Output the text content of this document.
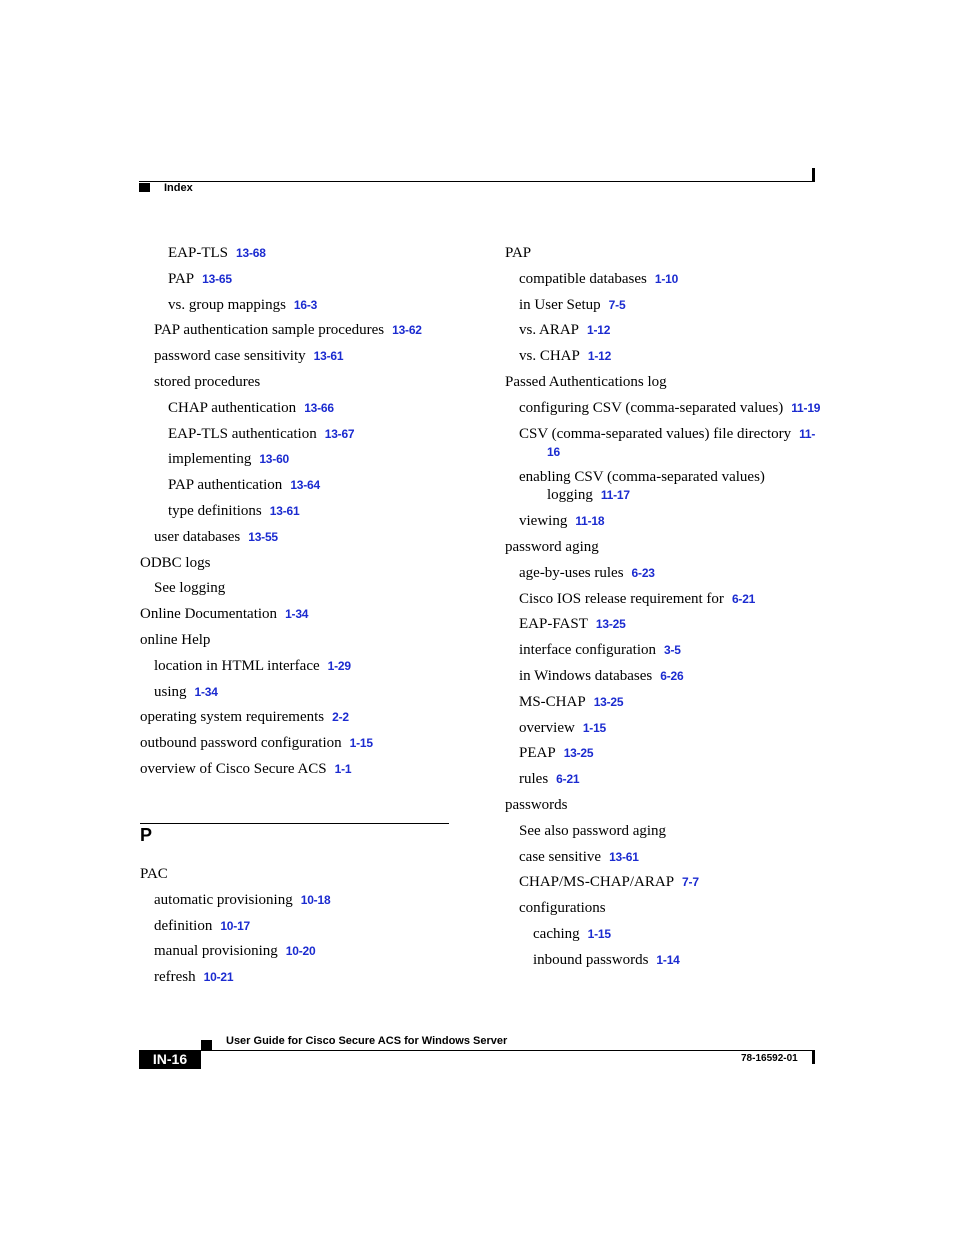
Index
EAP-TLS 13-68
PAP 13-65
vs. group mappings 16-3
PAP authentication sample procedures 13-62
password case sensitivity 13-61
stored procedures
CHAP authentication 13-66
EAP-TLS authentication 13-67
implementing 13-60
PAP authentication 13-64
type definitions 13-61
user databases 13-55
ODBC logs
See logging
Online Documentation 1-34
online Help
location in HTML interface 1-29
using 1-34
operating system requirements 2-2
outbound password configuration 1-15
overview of Cisco Secure ACS 1-1
P
PAC
automatic provisioning 10-18
definition 10-17
manual provisioning 10-20
refresh 10-21
PAP
compatible databases 1-10
in User Setup 7-5
vs. ARAP 1-12
vs. CHAP 1-12
Passed Authentications log
configuring CSV (comma-separated values) 11-19
CSV (comma-separated values) file directory 11-16
enabling CSV (comma-separated values) logging 11-17
viewing 11-18
password aging
age-by-uses rules 6-23
Cisco IOS release requirement for 6-21
EAP-FAST 13-25
interface configuration 3-5
in Windows databases 6-26
MS-CHAP 13-25
overview 1-15
PEAP 13-25
rules 6-21
passwords
See also password aging
case sensitive 13-61
CHAP/MS-CHAP/ARAP 7-7
configurations
caching 1-15
inbound passwords 1-14
User Guide for Cisco Secure ACS for Windows Server
IN-16	78-16592-01
